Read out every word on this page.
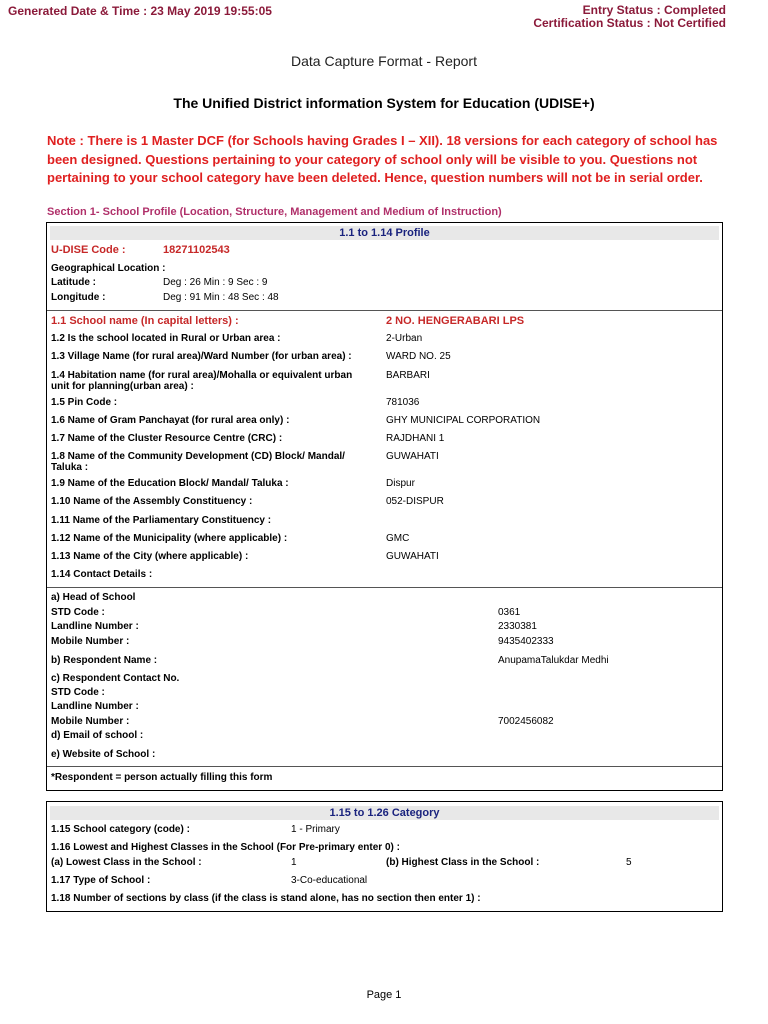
Generated Date & Time : 23 May 2019 19:55:05	Entry Status : Completed
Certification Status : Not Certified
Data Capture Format - Report
The Unified District information System for Education (UDISE+)
Note : There is 1 Master DCF (for Schools having Grades I – XII). 18 versions for each category of school has been designed. Questions pertaining to your category of school only will be visible to you. Questions not pertaining to your school category have been deleted. Hence, question numbers will not be in serial order.
Section 1- School Profile (Location, Structure, Management and Medium of Instruction)
1.1 to 1.14 Profile
U-DISE Code :	18271102543
Geographical Location :
Latitude :	Deg : 26 Min : 9 Sec : 9
Longitude :	Deg : 91 Min : 48 Sec : 48
1.1 School name (In capital letters) :	2 NO. HENGERABARI LPS
1.2 Is the school located in Rural or Urban area :	2-Urban
1.3 Village Name (for rural area)/Ward Number (for urban area) :	WARD NO. 25
1.4 Habitation name (for rural area)/Mohalla or equivalent urban unit for planning(urban area) :
BARBARI
1.5 Pin Code :	781036
1.6 Name of Gram Panchayat (for rural area only) :	GHY MUNICIPAL CORPORATION
1.7 Name of the Cluster Resource Centre (CRC) :	RAJDHANI 1
1.8 Name of the Community Development (CD) Block/ Mandal/ Taluka :
GUWAHATI
1.9 Name of the Education Block/ Mandal/ Taluka :	Dispur
1.10 Name of the Assembly Constituency :	052-DISPUR
1.11 Name of the Parliamentary Constituency :
1.12 Name of the Municipality (where applicable) :	GMC
1.13 Name of the City (where applicable) :	GUWAHATI
1.14 Contact Details :
a) Head of School
STD Code :	0361
Landline Number :	2330381
Mobile Number :	9435402333
b) Respondent Name :	AnupamaTalukdar Medhi
c) Respondent Contact No.
STD Code :
Landline Number :
Mobile Number :	7002456082
d) Email of school :
e) Website of School :
*Respondent = person actually filling this form
1.15 to 1.26 Category
1.15 School category (code) :	1 - Primary
1.16 Lowest and Highest Classes in the School (For Pre-primary enter 0) :
(a) Lowest Class in the School :	1	(b) Highest Class in the School :	5
1.17 Type of School :	3-Co-educational
1.18 Number of sections by class (if the class is stand alone, has no section then enter 1) :
Page 1
